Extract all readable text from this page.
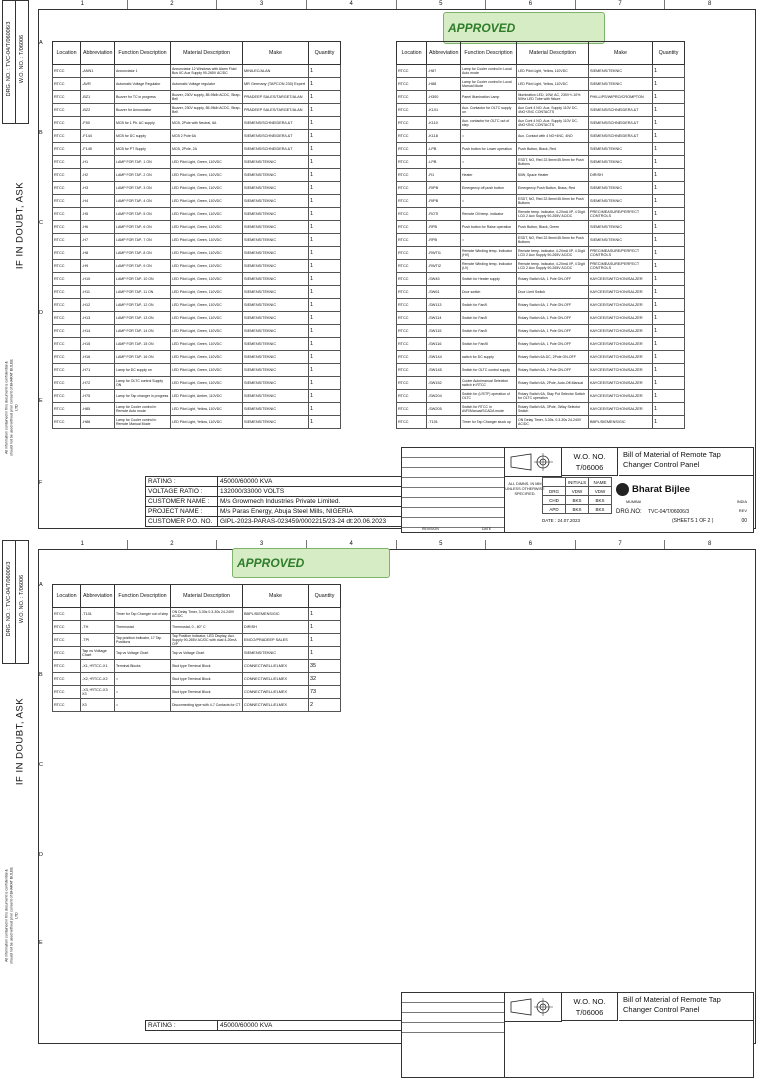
1	2	3	4	5	6	7	8
A
B
C
D
E
F
DRG. NO. : TVC-04/T/06006/3 W.O. NO. : T/06006
IF IN DOUBT, ASK
All information contained in this document is confidential & should not be used without prior consent of BHARAT BIJLEE LTD
APPROVED
Location	Abbreviation	Function Description	Material Description	Make	Quantity
RTCC	-ANN1	Annunciator 1	Annunciator 12 Windows with Alarm Fluid Bus IIC Aux Supply 90-265V AC/DC	MINILEC/ALAN	1
RTCC	-AVR	Automatic Voltage Regulator	Automatic Voltage regulator	MR Germany (TAPCON 230) Expert	1
RTCC	-BZ1	Buzzer for TC in progress	Buzzer, 230V supply, 85-95db ACDC, Strap-Bell	PRADEEP SALES/TARGET/ALAN	1
RTCC	-BZ2	Buzzer for Annunciator	Buzzer, 230V supply, 85-95db ACDC, Strap-Bell	PRADEEP SALES/TARGET/ALAN	1
RTCC	-F50	MCB for 1 Ph. AC supply	MCB, 2Pole with Neutral, 6A	SIEMENS/SCHNEIDER/L&T	1
RTCC	-F144	MCB for DC supply	MCB 2 Pole 6A	SIEMENS/SCHNEIDER/L&T	1
RTCC	-F145	MCB for PT Supply	MCB, 2Pole, 2A	SIEMENS/SCHNEIDER/L&T	1
RTCC	-H1	LAMP FOR TAP- 1 ON	LED Pilot Light, Green, 110VDC	SIEMENS/TEKNIC	1
RTCC	-H2	LAMP FOR TAP- 2 ON	LED Pilot Light, Green, 110VDC	SIEMENS/TEKNIC	1
RTCC	-H3	LAMP FOR TAP- 3 ON	LED Pilot Light, Green, 110VDC	SIEMENS/TEKNIC	1
RTCC	-H4	LAMP FOR TAP- 4 ON	LED Pilot Light, Green, 110VDC	SIEMENS/TEKNIC	1
RTCC	-H5	LAMP FOR TAP- 5 ON	LED Pilot Light, Green, 110VDC	SIEMENS/TEKNIC	1
RTCC	-H6	LAMP FOR TAP- 6 ON	LED Pilot Light, Green, 110VDC	SIEMENS/TEKNIC	1
RTCC	-H7	LAMP FOR TAP- 7 ON	LED Pilot Light, Green, 110VDC	SIEMENS/TEKNIC	1
RTCC	-H8	LAMP FOR TAP- 8 ON	LED Pilot Light, Green, 110VDC	SIEMENS/TEKNIC	1
RTCC	-H9	LAMP FOR TAP- 9 ON	LED Pilot Light, Green, 110VDC	SIEMENS/TEKNIC	1
RTCC	-H10	LAMP FOR TAP- 10 ON	LED Pilot Light, Green, 110VDC	SIEMENS/TEKNIC	1
RTCC	-H11	LAMP FOR TAP- 11 ON	LED Pilot Light, Green, 110VDC	SIEMENS/TEKNIC	1
RTCC	-H12	LAMP FOR TAP- 12 ON	LED Pilot Light, Green, 110VDC	SIEMENS/TEKNIC	1
RTCC	-H13	LAMP FOR TAP- 13 ON	LED Pilot Light, Green, 110VDC	SIEMENS/TEKNIC	1
RTCC	-H14	LAMP FOR TAP- 14 ON	LED Pilot Light, Green, 110VDC	SIEMENS/TEKNIC	1
RTCC	-H15	LAMP FOR TAP- 15 ON	LED Pilot Light, Green, 110VDC	SIEMENS/TEKNIC	1
RTCC	-H16	LAMP FOR TAP- 16 ON	LED Pilot Light, Green, 110VDC	SIEMENS/TEKNIC	1
RTCC	-H71	Lamp for DC supply on	LED Pilot Light, Green, 110VDC	SIEMENS/TEKNIC	1
RTCC	-H72	Lamp for OLTC control Supply ON	LED Pilot Light, Green, 110VDC	SIEMENS/TEKNIC	1
RTCC	-H75	Lamp for Tap changer in progress	LED Pilot Light, Amber, 110VDC	SIEMENS/TEKNIC	1
RTCC	-H85	Lamp for Cooler control in Remote Auto mode	LED Pilot Light, Yellow, 110VDC	SIEMENS/TEKNIC	1
RTCC	-H86	Lamp for Cooler control in Remote Manual Mode	LED Pilot Light, Yellow, 110VDC	SIEMENS/TEKNIC	1
Location	Abbreviation	Function Description	Material Description	Make	Quantity
RTCC	-H87	Lamp for Cooler control in Local Auto mode	LED Pilot Light, Yellow, 110VDC	SIEMENS/TEKNIC	1
RTCC	-H88	Lamp for Cooler control in Local Manual Mode	LED Pilot Light, Yellow, 110VDC	SIEMENS/TEKNIC	1
RTCC	-H300	Panel Illumination Lamp	Illumination LED, 10W, AC, 230V+/-10% 50Hz LED Tube with fixture	PHILLIPS/WIPRO/CROMPTON	1
RTCC	-K101	Aux. Contactor for OLTC supply on	Aux Cont 4 NO, Aux. Supply 110V DC, 4NO+2NC CONTACTS	SIEMENS/SCHNEIDER/L&T	1
RTCC	-K110	Aux. contactor for OLTC out of step	Aux Cont 4 NO, Aux. Supply 110V DC, 4NO+2NC CONTACTS	SIEMENS/SCHNEIDER/L&T	1
RTCC	-K118	=	Aux. Contact with 4 NO+4NC, 4NO	SIEMENS/SCHNEIDER/L&T	1
RTCC	-LPB	Push button for Lower operation	Push Button, Black, Red	SIEMENS/TEKNIC	1
RTCC	-LPB	=	ESDT, NO, Red 22.5mm/45.5mm for Push Buttons	SIEMENS/TEKNIC	1
RTCC	-R1	Heater	50W, Space Heater	DIRISH	1
RTCC	-RIPB	Emergency off push button	Emergency Push Button, Brass, Red	SIEMENS/TEKNIC	1
RTCC	-RIPB	=	ESDT, NO, Red 22.5mm/45.5mm for Push Buttons	SIEMENS/TEKNIC	1
RTCC	-ROTI	Remote Oil temp. indicator	Remote temp. indicator, 4-20mA I/P, 4 Digit LCD 2 Aux Supply 90-265V AC/DC	PRECIMEASURE/PERFECT CONTROLS	1
RTCC	-RPB	Push button for Raise operation	Push Button, Black, Green	SIEMENS/TEKNIC	1
RTCC	-RPB	=	ESDT, NO, Red 22.5mm/45.5mm for Push Buttons	SIEMENS/TEKNIC	1
RTCC	-RWTI1	Remote Winding temp. Indicator (HV)	Remote temp. indicator, 4-20mA I/P, 4 Digit LCD 2 Aux Supply 90-265V AC/DC	PRECIMEASURE/PERFECT CONTROLS	1
RTCC	-RWTI2	Remote Winding temp. Indicator (LV)	Remote temp. indicator, 4-20mA I/P, 4 Digit LCD 2 Aux Supply 90-265V AC/DC	PRECIMEASURE/PERFECT CONTROLS	1
RTCC	-SW45	Switch for Heater supply	Rotary Switch 6A, 1 Pole ON-OFF	KAYCEE/SWITCHON/SALZER	1
RTCC	-SW61	Door switch	Door Limit Switch	KAYCEE/SWITCHON/SALZER	1
RTCC	-SW113	Switch for Fan/II	Rotary Switch 6A, 1 Pole ON-OFF	KAYCEE/SWITCHON/SALZER	1
RTCC	-SW114	Switch for Fan/II	Rotary Switch 6A, 1 Pole ON-OFF	KAYCEE/SWITCHON/SALZER	1
RTCC	-SW115	Switch for Fan/II	Rotary Switch 6A, 1 Pole ON-OFF	KAYCEE/SWITCHON/SALZER	1
RTCC	-SW116	Switch for Fan/III	Rotary Switch 6A, 1 Pole ON-OFF	KAYCEE/SWITCHON/SALZER	1
RTCC	-SW144	switch for DC supply	Rotary Switch 6A DC, 2Pole ON-OFF	KAYCEE/SWITCHON/SALZER	1
RTCC	-SW145	Switch for OLTC control supply	Rotary Switch 6A, 2 Pole ON-OFF	KAYCEE/SWITCHON/SALZER	1
RTCC	-SW152	Cooler Auto/manual Selection switch in RTCC	Rotary Switch 6A, 2Pole, Auto-Off-Manual	KAYCEE/SWITCHON/SALZER	1
RTCC	-SW204	Switch for (LR/TF) operation of OLTC	Rotary Switch 6A, Stay Put Selector Switch for OLTC operation	KAYCEE/SWITCHON/SALZER	1
RTCC	-SW205	Switch for RTCC in AVR/Manual/SCADA mode	Rotary Switch 6A, 3Pole, 3Way Selector Switch	KAYCEE/SWITCHON/SALZER	1
RTCC	-T101	Timer for Tap Changer stuck up	ON Delay Timer, 3-30s, 0.3-30s 24-240V AC/DC	BBPL/SIEMENS/GIC	1
RATING :	45000/60000 KVA
VOLTAGE RATIO :	132000/33000 VOLTS
CUSTOMER NAME :	M/s Growmech Industries Private Limited.
PROJECT NAME :	M/s Paras Energy, Abuja Steel Mills, NIGERIA
CUSTOMER P.O. NO.	GIPL-2023-PARAS-023459/0002215/23-24 dt:20.06.2023
REVISION	DATE
W.O. NO.
T/06006
Bill of Material of Remote Tap Changer Control Panel
ALL DIMNS. IN MM UNLESS OTHERWISE SPECIFIED.
	INITIALS	NAME
DRG	VDW	VDW
CHD	BKS	BKS
APD	BKS	BKS
DATE : 24.07.2023
Bharat Bijlee
MUMBAI	INDIA
DRG.NO: TVC-04/T/06006/3
(SHEETS 1 OF 2 )
REV
00
1	2	3	4	5	6	7	8
A
B
C
D
E
DRG. NO. : TVC-04/T/06006/3 W.O. NO. : T/06006
IF IN DOUBT, ASK
All information contained in this document is confidential & should not be used without prior consent of BHARAT BIJLEE LTD
APPROVED
Location	Abbreviation	Function Description	Material Description	Make	Quantity
RTCC	-T101	Timer for Tap Changer out of step	ON Delay Timer, 3-30s 0.3-30s 24-240V AC/DC	BBPL/SIEMENS/GIC	1
RTCC	-TH	Thermostat	Thermostat, 0 - 60° C	DIRISH	1
RTCC	-TPI	Tap position Indicator, 17 Tap Positions	Tap Position Indicator, LED Display, Aux. Supply 90-265V AC/DC with dual 4-20mA O/P	EMCO/PRADEEP SALES	1
RTCC	Tap vs Voltage Chart	Tap vs Voltage Chart	Tap vs Voltage Chart	SIEMENS/TEKNIC	1
RTCC	-X1,+RTCC-X1	Terminal Blocks	Stud type Terminal Block	CONNECTWELL/ELMEX	35
RTCC	-X2,+RTCC-X2	=	Stud type Terminal Block	CONNECTWELL/ELMEX	32
RTCC	-X3,+RTCC-X3 X3	=	Stud type Terminal Block	CONNECTWELL/ELMEX	73
RTCC	X3	=	Disconnecting type with 4-7 Contacts for CT	CONNECTWELL/ELMEX	2
RATING :	45000/60000 KVA
W.O. NO.
T/06006
Bill of Material of Remote Tap Changer Control Panel
